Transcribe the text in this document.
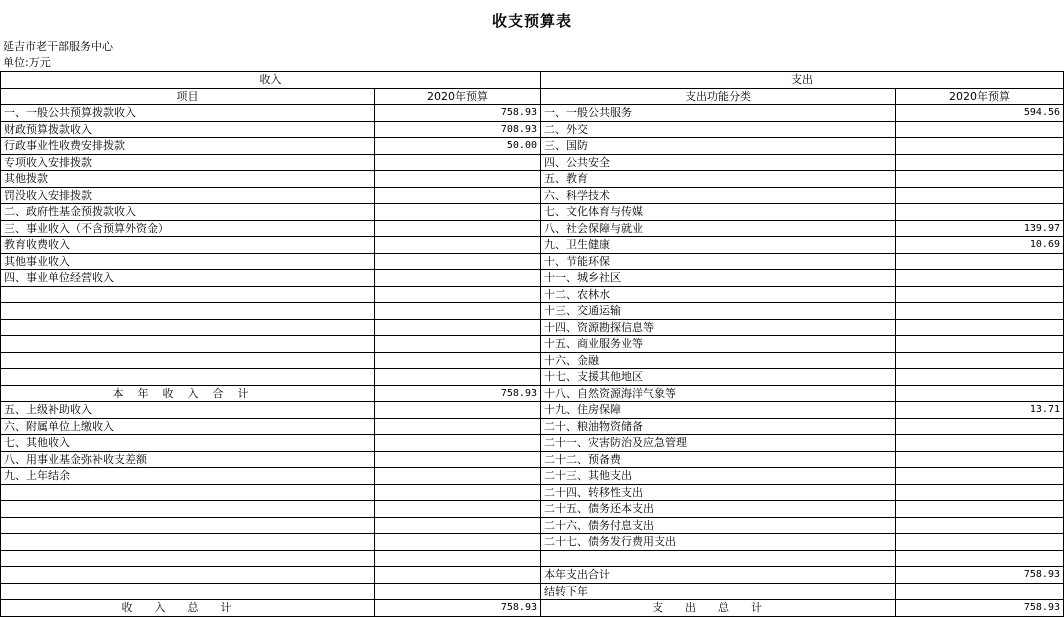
收支预算表
延吉市老干部服务中心
单位:万元
收入		支出	
项目	2020年预算	支出功能分类	2020年预算
一、一般公共预算拨款收入	758.93	一、一般公共服务	594.56
财政预算拨款收入	708.93	二、外交	
行政事业性收费安排拨款	50.00	三、国防	
专项收入安排拨款		四、公共安全	
其他拨款		五、教育	
罚没收入安排拨款		六、科学技术	
二、政府性基金预拨款收入		七、文化体育与传媒	
三、事业收入（不含预算外资金）		八、社会保障与就业	139.97
教育收费收入		九、卫生健康	10.69
其他事业收入		十、节能环保	
四、事业单位经营收入		十一、城乡社区	
		十二、农林水	
		十三、交通运输	
		十四、资源勘探信息等	
		十五、商业服务业等	
		十六、金融	
		十七、支援其他地区	
本年收入合计	758.93	十八、自然资源海洋气象等	
五、上级补助收入		十九、住房保障	13.71
六、附属单位上缴收入		二十、粮油物资储备	
七、其他收入		二十一、灾害防治及应急管理	
八、用事业基金弥补收支差额		二十二、预备费	
九、上年结余		二十三、其他支出	
		二十四、转移性支出	
		二十五、债务还本支出	
		二十六、债务付息支出	
		二十七、债务发行费用支出	

		本年支出合计	758.93
		结转下年	
收入总计	758.93	支出总计	758.93
